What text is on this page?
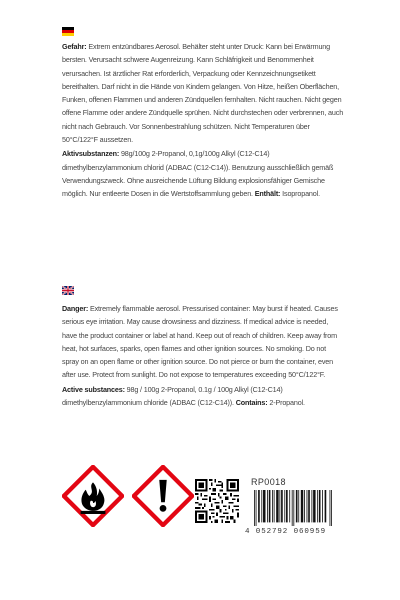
Gefahr: Extrem entzündbares Aerosol. Behälter steht unter Druck: Kann bei Erwärmung bersten. Verursacht schwere Augenreizung. Kann Schläfrigkeit und Benommenheit verursachen. Ist ärztlicher Rat erforderlich, Verpackung oder Kennzeichnungsetikett bereithalten. Darf nicht in die Hände von Kindern gelangen. Von Hitze, heißen Oberflächen, Funken, offenen Flammen und anderen Zündquellen fernhalten. Nicht rauchen. Nicht gegen offene Flamme oder andere Zündquelle sprühen. Nicht durchstechen oder verbrennen, auch nicht nach Gebrauch. Vor Sonnenbestrahlung schützen. Nicht Temperaturen über 50°C/122°F aussetzen.

Aktivsubstanzen: 98g/100g 2-Propanol, 0,1g/100g Alkyl (C12-C14) dimethylbenzylammonium chlorid (ADBAC (C12-C14)). Benutzung ausschließlich gemäß Verwendungszweck. Ohne ausreichende Lüftung Bildung explosionsfähiger Gemische möglich. Nur entleerte Dosen in die Wertstoffsammlung geben. Enthält: Isopropanol.

Danger: Extremely flammable aerosol. Pressurised container: May burst if heated. Causes serious eye irritation. May cause drowsiness and dizziness. If medical advice is needed, have the product container or label at hand. Keep out of reach of children. Keep away from heat, hot surfaces, sparks, open flames and other ignition sources. No smoking. Do not spray on an open flame or other ignition source. Do not pierce or burn the container, even after use. Protect from sunlight. Do not expose to temperatures exceeding 50°C/122°F.

Active substances: 98g / 100g 2-Propanol, 0.1g / 100g Alkyl (C12-C14) dimethylbenzylammonium chloride (ADBAC (C12-C14)). Contains: 2-Propanol.

RP0018
4 052792 060959
